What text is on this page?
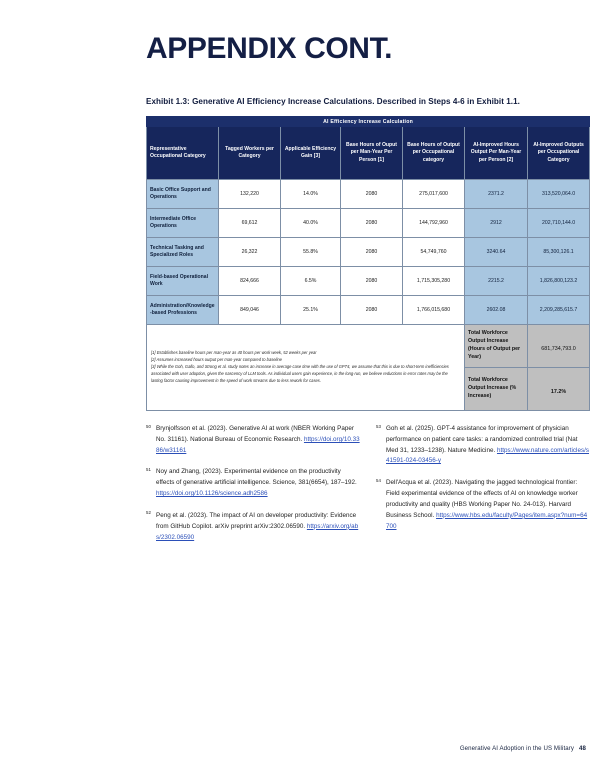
APPENDIX CONT.
Exhibit 1.3: Generative AI Efficiency Increase Calculations. Described in Steps 4-6 in Exhibit 1.1.
AI Efficiency Increase Calculation						
Representative Occupational Category	Tagged Workers per Category	Applicable Efficiency Gain [3]	Base Hours of Ouput per Man-Year Per Person [1]	Base Hours of Output per Occupational category	AI-Improved Hours Output Per Man-Year per Person [2]	AI-Improved Outputs per Occupational Category
Basic Office Support and Operations	132,220	14.0%	2080	275,017,600	2371.2	313,520,064.0
Intermediate Office Operations	69,612	40.0%	2080	144,792,960	2912	202,710,144.0
Technical Tasking and Specialized Roles	26,322	55.8%	2080	54,749,760	3240.64	85,300,126.1
Field-based Operational Work	824,666	6.5%	2080	1,715,305,280	2215.2	1,826,800,123.2
Administration/Knowledge-based Professions	849,046	25.1%	2080	1,766,015,680	2602.08	2,209,285,615.7

[1] Establishes baseline hours per man-year as 40 hours per work week, 52 weeks per year

[2] Assumes increased hours output per man-year compared to baseline

[3] While the Goh, Gallo, and Strong et al. study notes an increase in average case time with the use of GPT4, we assume that this is due to short-term inefficiencies associated with user adoption, given the nascency of LLM tools. As individual users gain experience, in the long-run, we believe reductions in error rates may be the lasting factor causing improvement in the speed of work streams due to less rework for cases.					Total Workforce Output Increase (Hours of Output per Year)	681,734,793.0
					Total Workforce Output Increase (% Increase)	17.2%
50 Brynjolfsson et al. (2023). Generative AI at work (NBER Working Paper No. 31161). National Bureau of Economic Research. https://doi.org/10.3386/w31161
51 Noy and Zhang, (2023). Experimental evidence on the productivity effects of generative artificial intelligence. Science, 381(6654), 187–192. https://doi.org/10.1126/science.adh2586
52 Peng et al. (2023). The impact of AI on developer productivity: Evidence from GitHub Copilot. arXiv preprint arXiv:2302.06590. https://arxiv.org/abs/2302.06590
53 Goh et al. (2025). GPT-4 assistance for improvement of physician performance on patient care tasks: a randomized controlled trial (Nat Med 31, 1233–1238). Nature Medicine. https://www.nature.com/articles/s41591-024-03456-y
54 Dell'Acqua et al. (2023). Navigating the jagged technological frontier: Field experimental evidence of the effects of AI on knowledge worker productivity and quality (HBS Working Paper No. 24-013). Harvard Business School. https://www.hbs.edu/faculty/Pages/item.aspx?num=64700
Generative AI Adoption in the US Military 48
